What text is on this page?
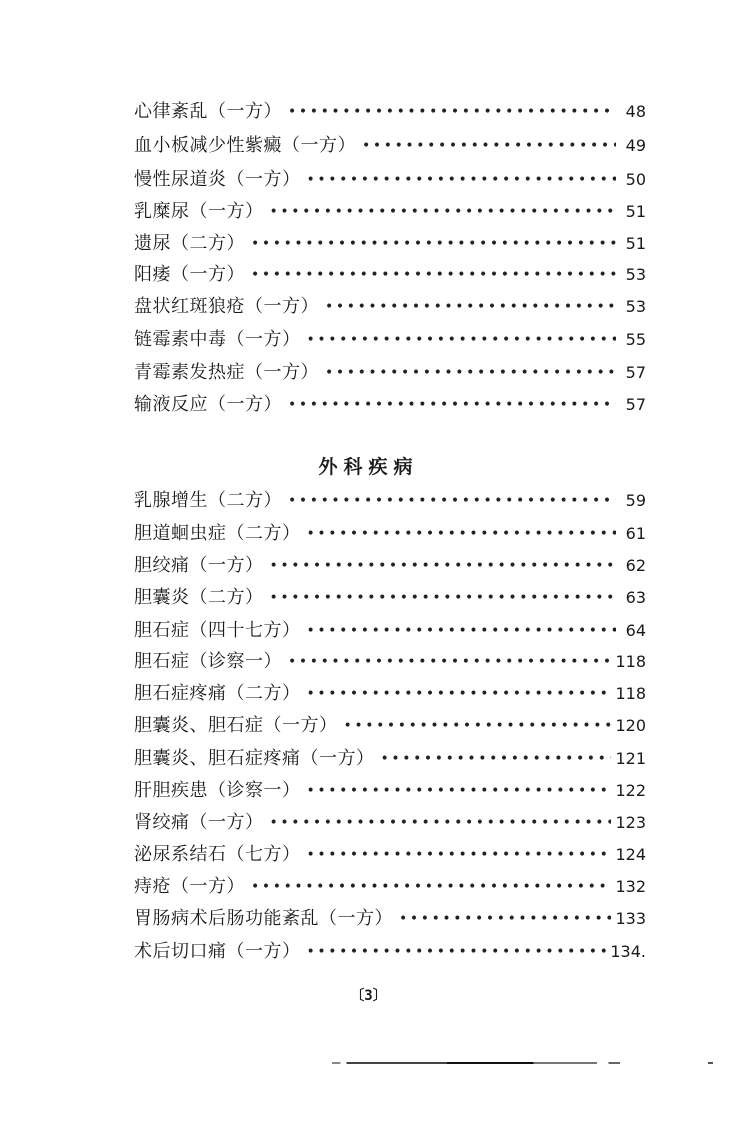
心律紊乱（一方） •••••	48
血小板减少性紫癜（一方） •••••	49
慢性尿道炎（一方） •••••	50
乳糜尿（一方） •••••	51
遗尿（二方） •••••	51
阳痿（一方） •••••	53
盘状红斑狼疮（一方） •••••	53
链霉素中毒（一方） •••••	55
青霉素发热症（一方） •••••	57
输液反应（一方） •••••	57
外科疾病
乳腺增生（二方） •••••	59
胆道蛔虫症（二方） •••••	61
胆绞痛（一方） •••••	62
胆囊炎（二方） •••••	63
胆石症（四十七方） •••••	64
胆石症（诊察一） •••••	118
胆石症疼痛（二方） •••••	118
胆囊炎、胆石症（一方） •••••	120
胆囊炎、胆石症疼痛（一方） •••••	121
肝胆疾患（诊察一） •••••	122
肾绞痛（一方） •••••	123
泌尿系结石（七方） •••••	124
痔疮（一方） •••••	132
胃肠病术后肠功能紊乱（一方） •••••	133
术后切口痛（一方） •••••	134.
〔3〕
